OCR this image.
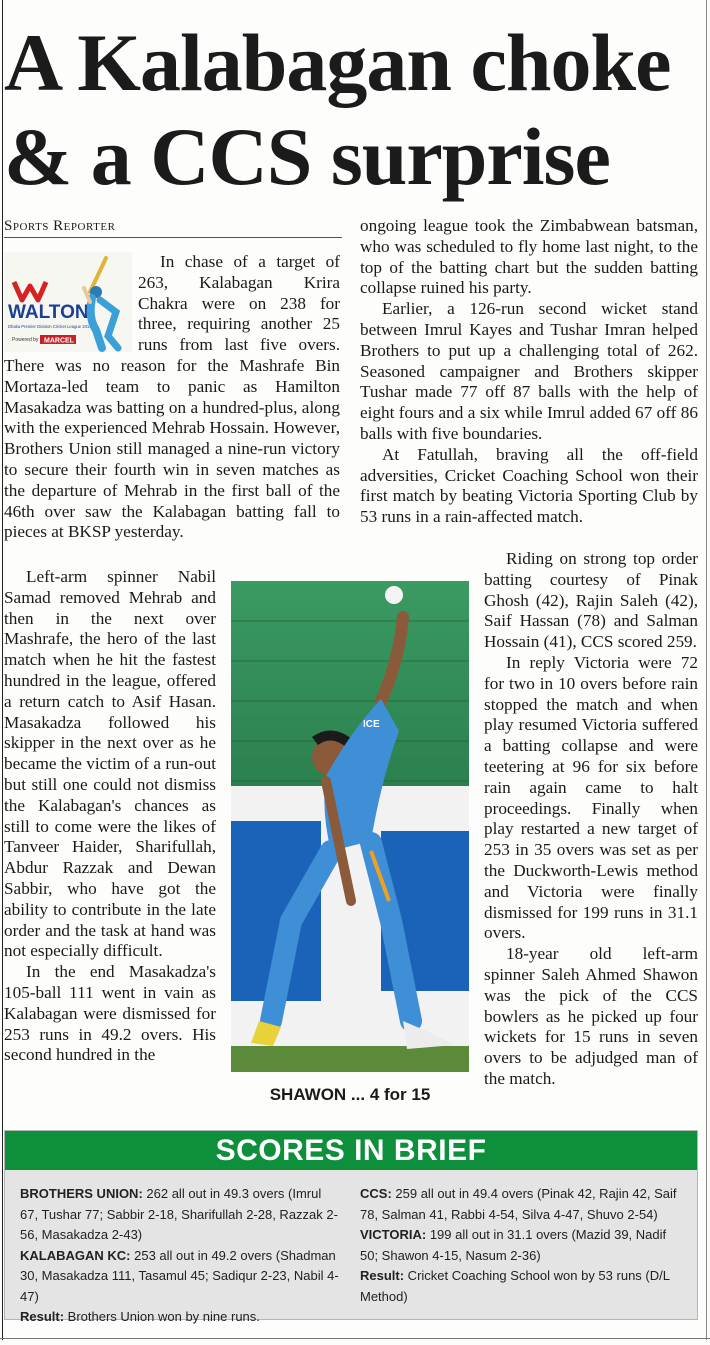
A Kalabagan choke & a CCS surprise
Sports Reporter

In chase of a target of 263, Kalabagan Krira Chakra were on 238 for three, requiring another 25 runs from last five overs. There was no reason for the Mashrafe Bin Mortaza-led team to panic as Hamilton Masakadza was batting on a hundred-plus, along with the experienced Mehrab Hossain. However, Brothers Union still managed a nine-run victory to secure their fourth win in seven matches as the departure of Mehrab in the first ball of the 46th over saw the Kalabagan batting fall to pieces at BKSP yesterday.

WALTON
Dhaka Premier Division Cricket League 2015-16
Powered by MARCEL

Left-arm spinner Nabil Samad removed Mehrab and then in the next over Mashrafe, the hero of the last match when he hit the fastest hundred in the league, offered a return catch to Asif Hasan. Masakadza followed his skipper in the next over as he became the victim of a run-out but still one could not dismiss the Kalabagan's chances as still to come were the likes of Tanveer Haider, Sharifullah, Abdur Razzak and Dewan Sabbir, who have got the ability to contribute in the late order and the task at hand was not especially difficult.

In the end Masakadza's 105-ball 111 went in vain as Kalabagan were dismissed for 253 runs in 49.2 overs. His second hundred in the

ongoing league took the Zimbabwean batsman, who was scheduled to fly home last night, to the top of the batting chart but the sudden batting collapse ruined his party.

Earlier, a 126-run second wicket stand between Imrul Kayes and Tushar Imran helped Brothers to put up a challenging total of 262. Seasoned campaigner and Brothers skipper Tushar made 77 off 87 balls with the help of eight fours and a six while Imrul added 67 off 86 balls with five boundaries.

At Fatullah, braving all the off-field adversities, Cricket Coaching School won their first match by beating Victoria Sporting Club by 53 runs in a rain-affected match.

Riding on strong top order batting courtesy of Pinak Ghosh (42), Rajin Saleh (42), Saif Hassan (78) and Salman Hossain (41), CCS scored 259.

In reply Victoria were 72 for two in 10 overs before rain stopped the match and when play resumed Victoria suffered a batting collapse and were teetering at 96 for six before rain again came to halt proceedings. Finally when play restarted a new target of 253 in 35 overs was set as per the Duckworth-Lewis method and Victoria were finally dismissed for 199 runs in 31.1 overs.

18-year old left-arm spinner Saleh Ahmed Shawon was the pick of the CCS bowlers as he picked up four wickets for 15 runs in seven overs to be adjudged man of the match.

ICE
SHAWON ... 4 for 15
SCORES IN BRIEF

BROTHERS UNION: 262 all out in 49.3 overs (Imrul 67, Tushar 77; Sabbir 2-18, Sharifullah 2-28, Razzak 2-56, Masakadza 2-43)

KALABAGAN KC: 253 all out in 49.2 overs (Shadman 30, Masakadza 111, Tasamul 45; Sadiqur 2-23, Nabil 4-47)

Result: Brothers Union won by nine runs.

CCS: 259 all out in 49.4 overs (Pinak 42, Rajin 42, Saif 78, Salman 41, Rabbi 4-54, Silva 4-47, Shuvo 2-54)

VICTORIA: 199 all out in 31.1 overs (Mazid 39, Nadif 50; Shawon 4-15, Nasum 2-36)

Result: Cricket Coaching School won by 53 runs (D/L Method)
